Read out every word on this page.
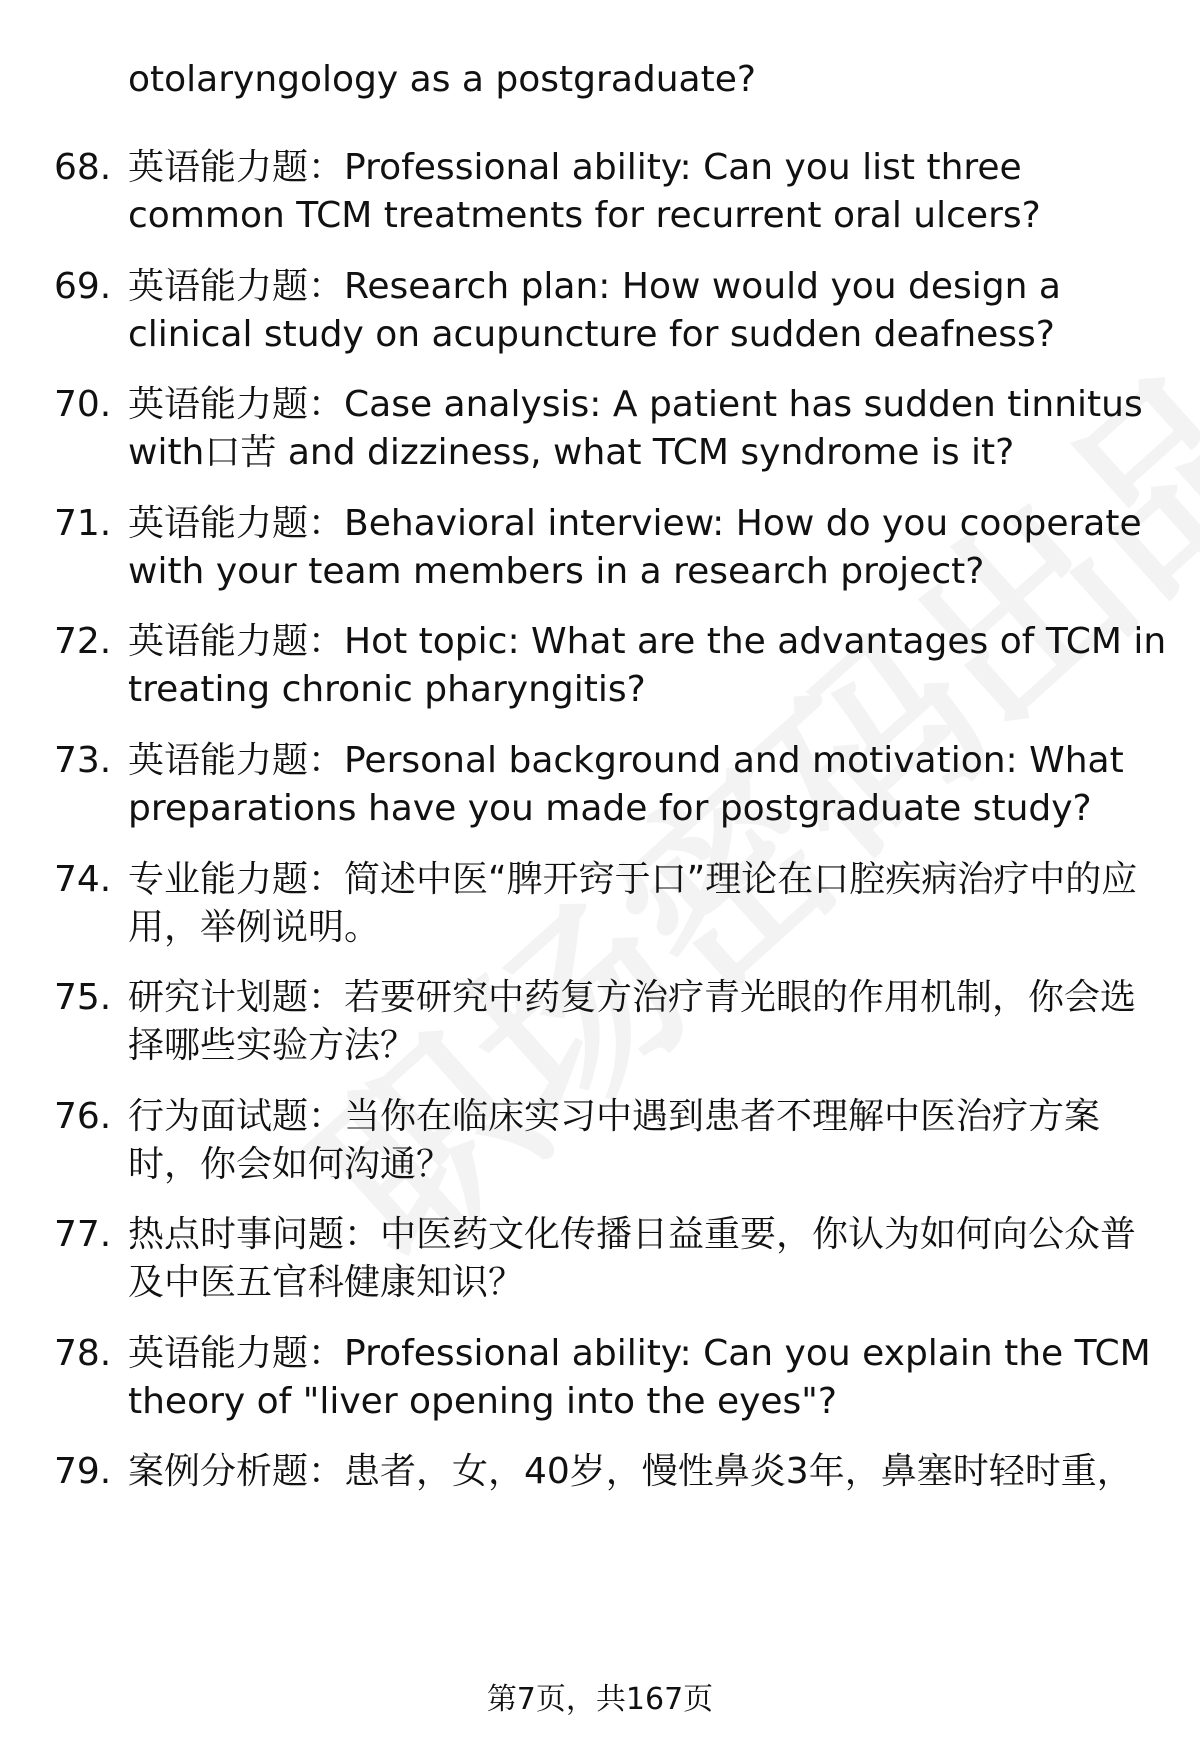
otolaryngology as a postgraduate?
68. 英语能力题：Professional ability: Can you list three common TCM treatments for recurrent oral ulcers?
69. 英语能力题：Research plan: How would you design a clinical study on acupuncture for sudden deafness?
70. 英语能力题：Case analysis: A patient has sudden tinnitus with口苦 and dizziness, what TCM syndrome is it?
71. 英语能力题：Behavioral interview: How do you cooperate with your team members in a research project?
72. 英语能力题：Hot topic: What are the advantages of TCM in treating chronic pharyngitis?
73. 英语能力题：Personal background and motivation: What preparations have you made for postgraduate study?
74. 专业能力题：简述中医“脾开窍于口”理论在口腔疾病治疗中的应用，举例说明。
75. 研究计划题：若要研究中药复方治疗青光眼的作用机制，你会选择哪些实验方法？
76. 行为面试题：当你在临床实习中遇到患者不理解中医治疗方案时，你会如何沟通？
77. 热点时事问题：中医药文化传播日益重要，你认为如何向公众普及中医五官科健康知识？
78. 英语能力题：Professional ability: Can you explain the TCM theory of "liver opening into the eyes"?
79. 案例分析题：患者，女，40岁，慢性鼻炎3年，鼻塞时轻时重，
第7页，共167页
